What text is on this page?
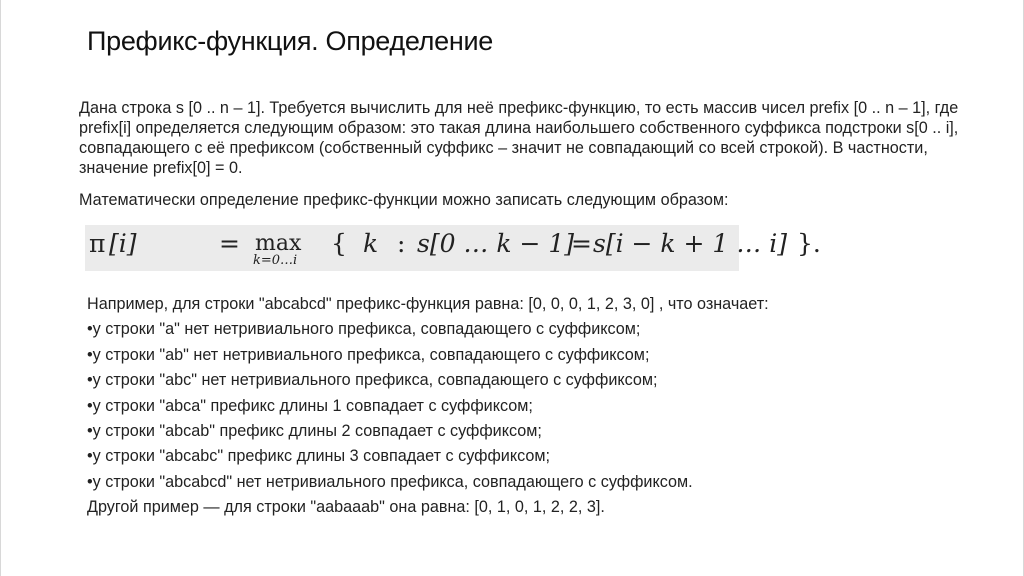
Префикс-функция. Определение
Дана строка s [0 .. n – 1]. Требуется вычислить для неё префикс-функцию, то есть массив чисел prefix [0 .. n – 1], где prefix[i] определяется следующим образом: это такая длина наибольшего собственного суффикса подстроки s[0 .. i], совпадающего с её префиксом (собственный суффикс – значит не совпадающий со всей строкой). В частности, значение prefix[0] = 0.
Математически определение префикс-функции можно записать следующим образом:
π [i]	= max
k=0…i
{ k : s[0 … k − 1]
= s[i − k + 1 … i] }.
Например, для строки "abcabcd" префикс-функция равна: [0, 0, 0, 1, 2, 3, 0] , что означает:
•у строки "a" нет нетривиального префикса, совпадающего с суффиксом;
•у строки "ab" нет нетривиального префикса, совпадающего с суффиксом;
•у строки "abc" нет нетривиального префикса, совпадающего с суффиксом;
•у строки "abca" префикс длины 1 совпадает с суффиксом;
•у строки "abcab" префикс длины 2 совпадает с суффиксом;
•у строки "abcabc" префикс длины 3 совпадает с суффиксом;
•у строки "abcabcd" нет нетривиального префикса, совпадающего с суффиксом.
Другой пример — для строки "aabaaab" она равна: [0, 1, 0, 1, 2, 2, 3].
